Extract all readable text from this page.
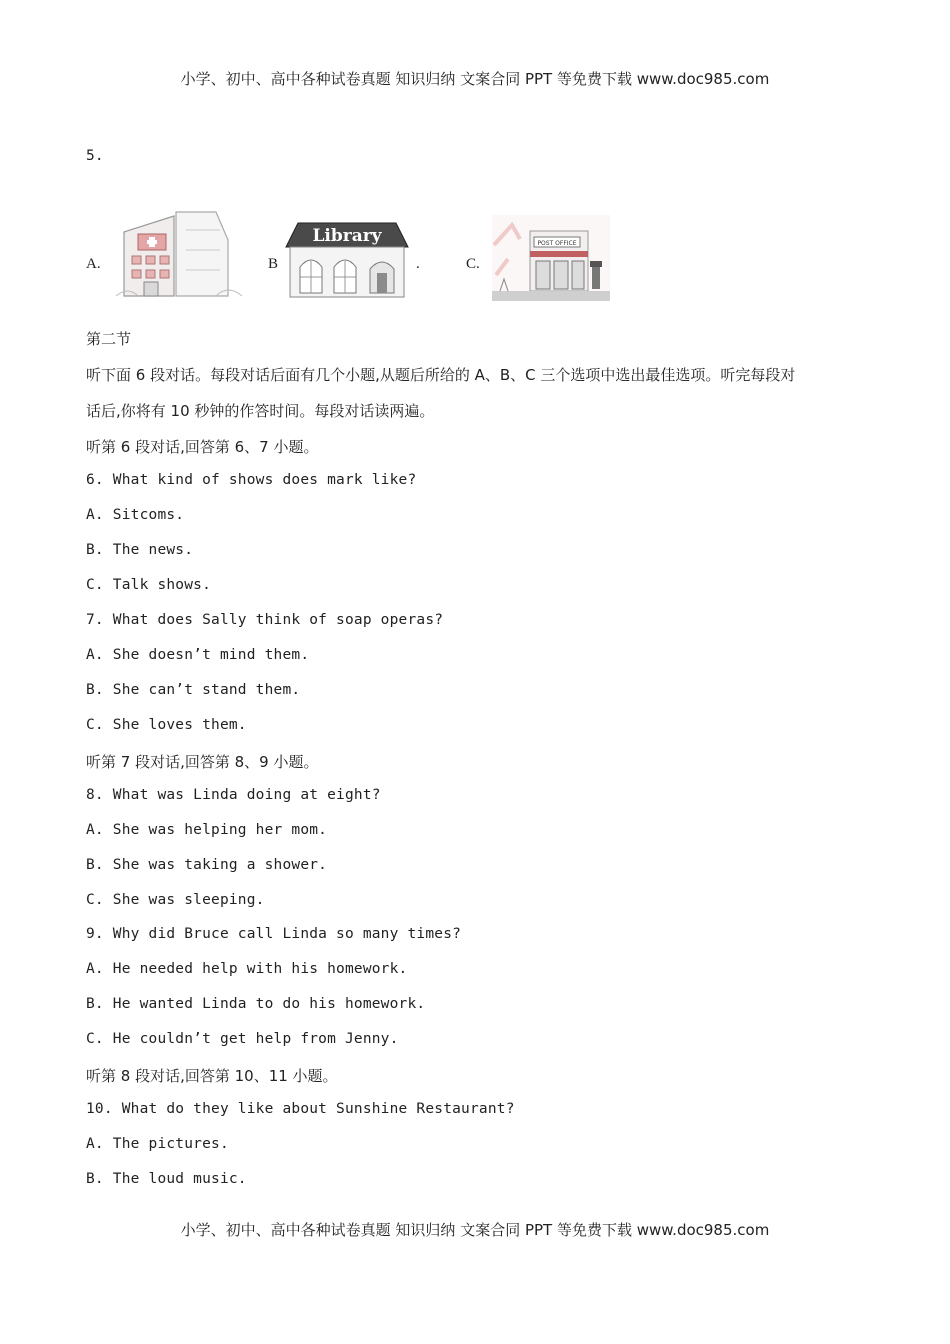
小学、初中、高中各种试卷真题 知识归纳 文案合同 PPT 等免费下载 www.doc985.com
5.
A.	B
Library
.	C.
POST OFFICE
第二节
听下面 6 段对话。每段对话后面有几个小题,从题后所给的 A、B、C 三个选项中选出最佳选项。听完每段对
话后,你将有 10 秒钟的作答时间。每段对话读两遍。
听第 6 段对话,回答第 6、7 小题。
6. What kind of shows does mark like?
A. Sitcoms.
B. The news.
C. Talk shows.
7. What does Sally think of soap operas?
A. She doesn’t mind them.
B. She can’t stand them.
C. She loves them.
听第 7 段对话,回答第 8、9 小题。
8. What was Linda doing at eight?
A. She was helping her mom.
B. She was taking a shower.
C. She was sleeping.
9. Why did Bruce call Linda so many times?
A. He needed help with his homework.
B. He wanted Linda to do his homework.
C. He couldn’t get help from Jenny.
听第 8 段对话,回答第 10、11 小题。
10. What do they like about Sunshine Restaurant?
A. The pictures.
B. The loud music.
小学、初中、高中各种试卷真题 知识归纳 文案合同 PPT 等免费下载 www.doc985.com
